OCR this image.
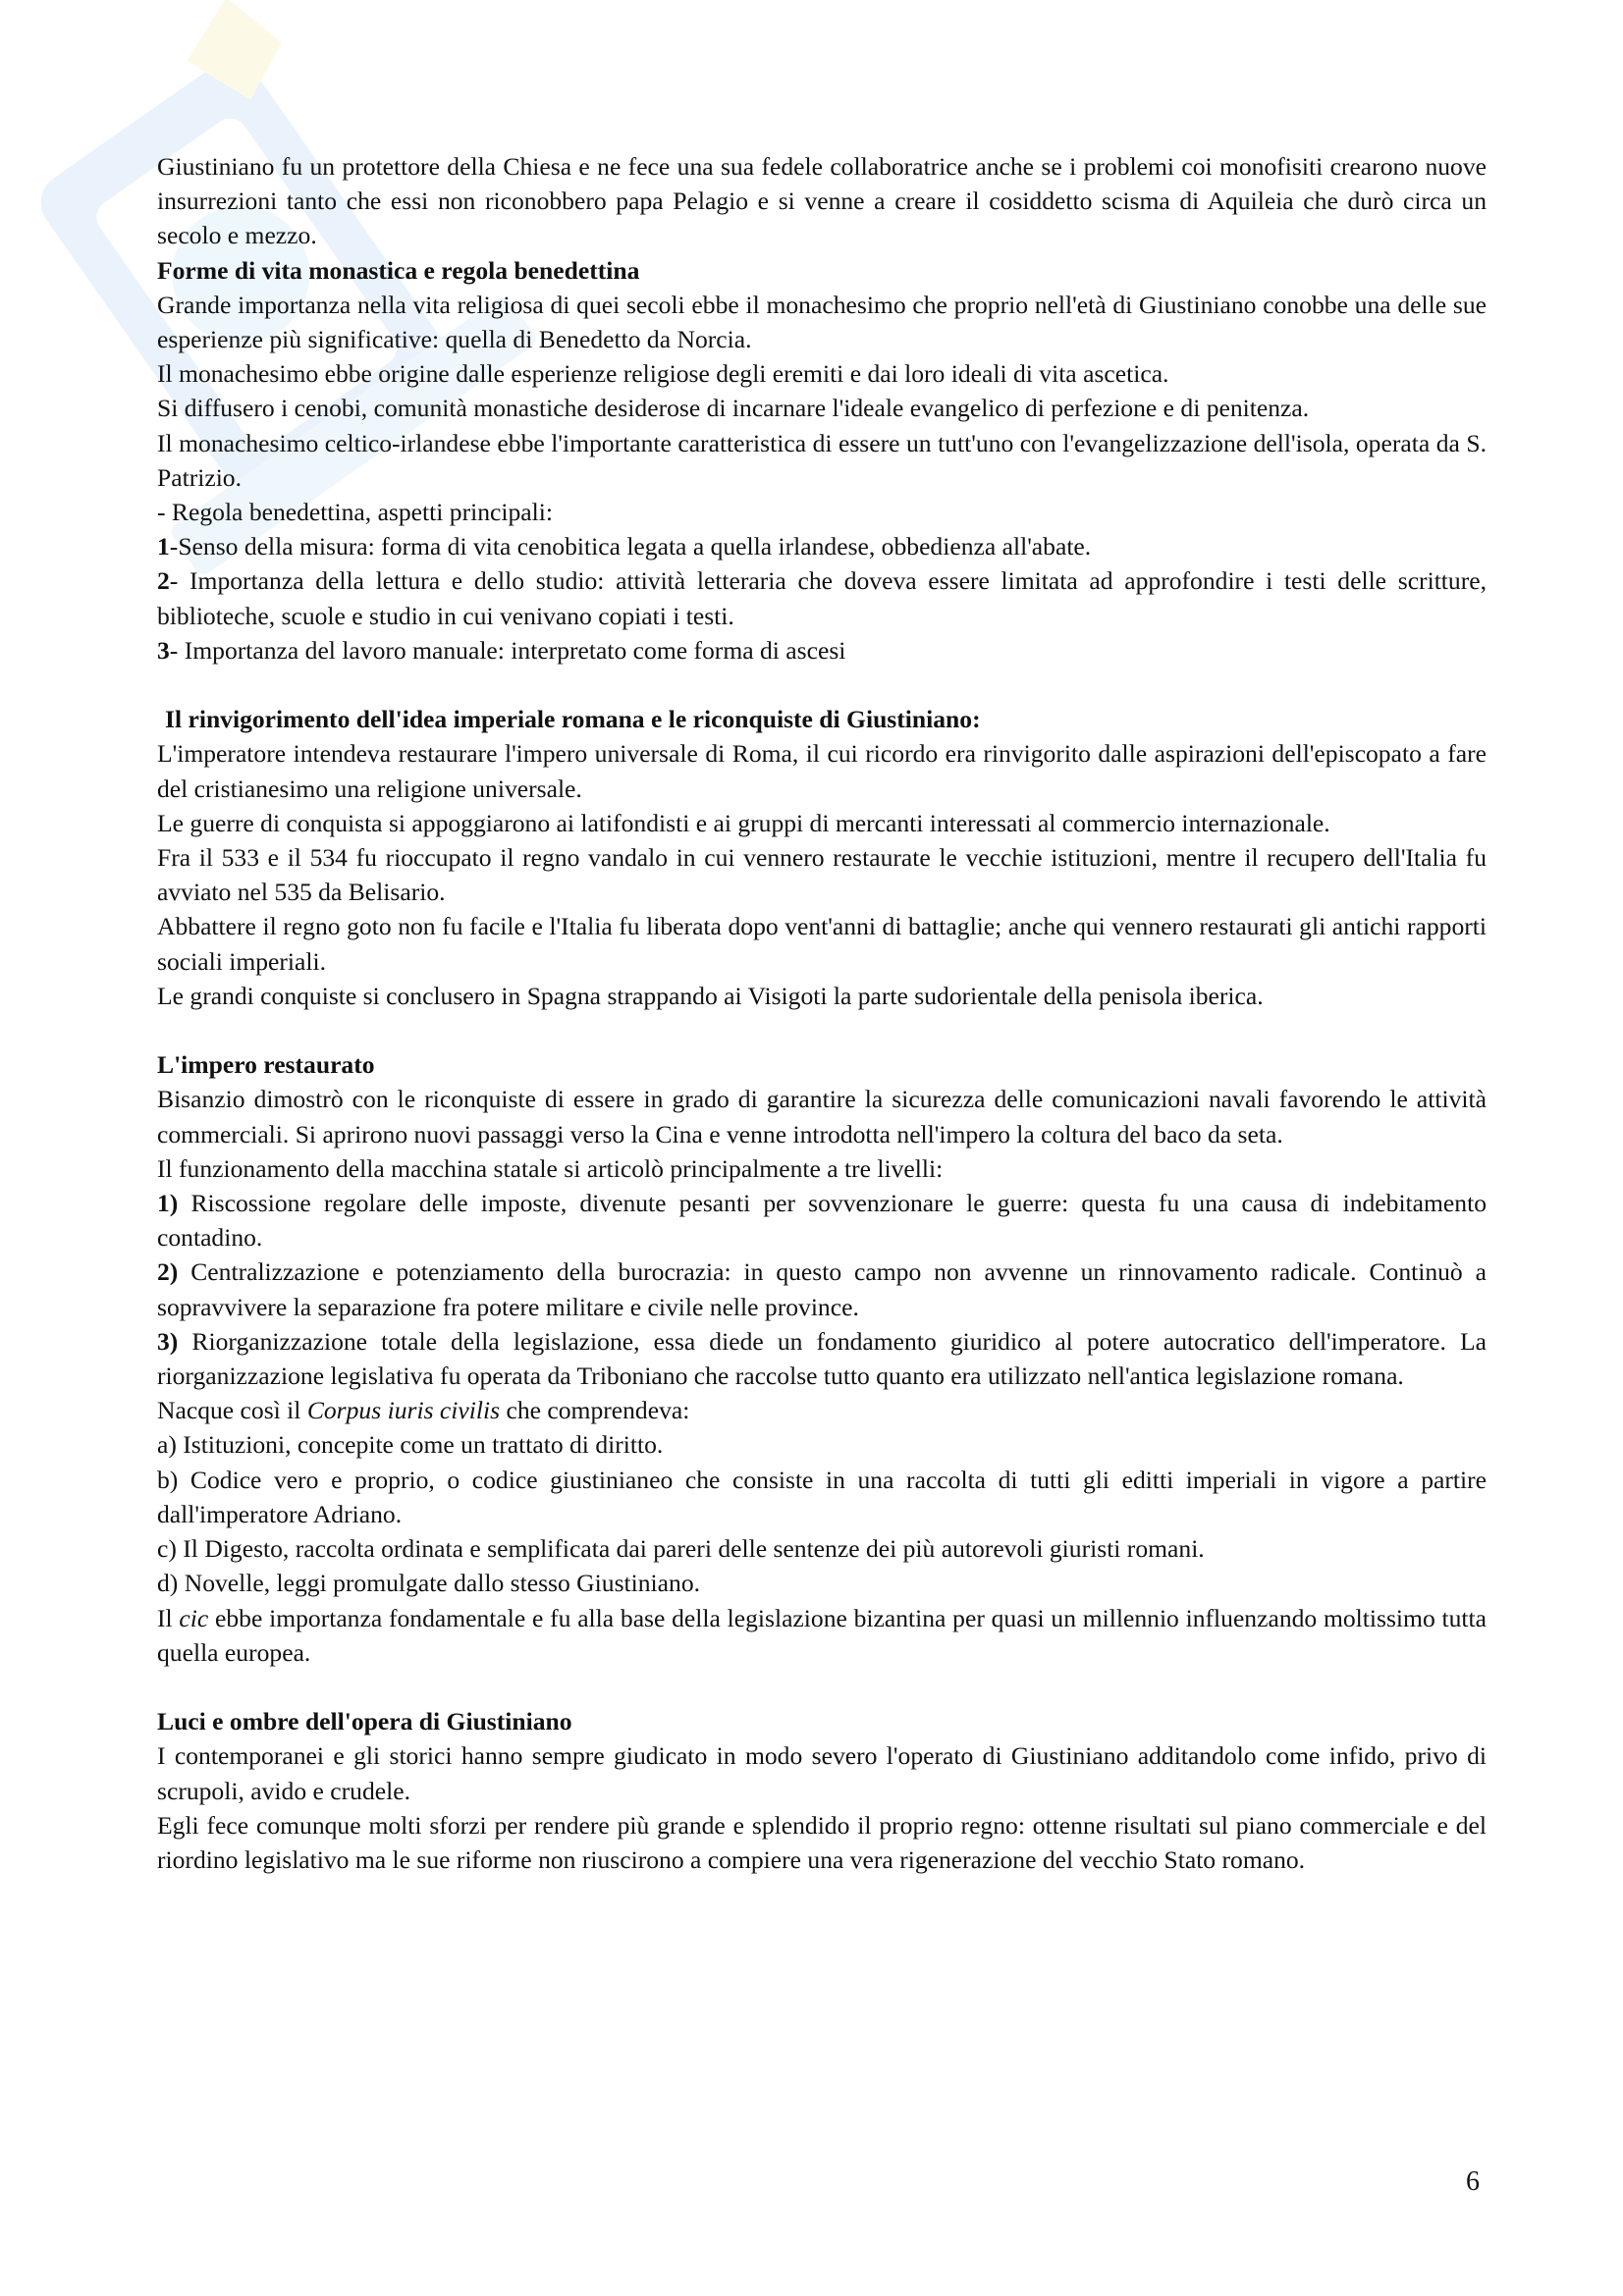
Giustiniano fu un protettore della Chiesa e ne fece una sua fedele collaboratrice anche se i problemi coi monofisiti crearono nuove insurrezioni tanto che essi non riconobbero papa Pelagio e si venne a creare il cosiddetto scisma di Aquileia che durò circa un secolo e mezzo.

Forme di vita monastica e regola benedettina

Grande importanza nella vita religiosa di quei secoli ebbe il monachesimo che proprio nell'età di Giustiniano conobbe una delle sue esperienze più significative: quella di Benedetto da Norcia.

Il monachesimo ebbe origine dalle esperienze religiose degli eremiti e dai loro ideali di vita ascetica.

Si diffusero i cenobi, comunità monastiche desiderose di incarnare l'ideale evangelico di perfezione e di penitenza.

Il monachesimo celtico-irlandese ebbe l'importante caratteristica di essere un tutt'uno con l'evangelizzazione dell'isola, operata da S. Patrizio.

- Regola benedettina, aspetti principali:

1-Senso della misura: forma di vita cenobitica legata a quella irlandese, obbedienza all'abate.

2- Importanza della lettura e dello studio: attività letteraria che doveva essere limitata ad approfondire i testi delle scritture, biblioteche, scuole e studio in cui venivano copiati i testi.

3- Importanza del lavoro manuale: interpretato come forma di ascesi

Il rinvigorimento dell'idea imperiale romana e le riconquiste di Giustiniano:

L'imperatore intendeva restaurare l'impero universale di Roma, il cui ricordo era rinvigorito dalle aspirazioni dell'episcopato a fare del cristianesimo una religione universale.

Le guerre di conquista si appoggiarono ai latifondisti e ai gruppi di mercanti interessati al commercio internazionale.

Fra il 533 e il 534 fu rioccupato il regno vandalo in cui vennero restaurate le vecchie istituzioni, mentre il recupero dell'Italia fu avviato nel 535 da Belisario.

Abbattere il regno goto non fu facile e l'Italia fu liberata dopo vent'anni di battaglie; anche qui vennero restaurati gli antichi rapporti sociali imperiali.

Le grandi conquiste si conclusero in Spagna strappando ai Visigoti la parte sudorientale della penisola iberica.

L'impero restaurato

Bisanzio dimostrò con le riconquiste di essere in grado di garantire la sicurezza delle comunicazioni navali favorendo le attività commerciali. Si aprirono nuovi passaggi verso la Cina e venne introdotta nell'impero la coltura del baco da seta.

Il funzionamento della macchina statale si articolò principalmente a tre livelli:

1) Riscossione regolare delle imposte, divenute pesanti per sovvenzionare le guerre: questa fu una causa di indebitamento contadino.

2) Centralizzazione e potenziamento della burocrazia: in questo campo non avvenne un rinnovamento radicale. Continuò a sopravvivere la separazione fra potere militare e civile nelle province.

3) Riorganizzazione totale della legislazione, essa diede un fondamento giuridico al potere autocratico dell'imperatore. La riorganizzazione legislativa fu operata da Triboniano che raccolse tutto quanto era utilizzato nell'antica legislazione romana.

Nacque così il Corpus iuris civilis che comprendeva:

a) Istituzioni, concepite come un trattato di diritto.

b) Codice vero e proprio, o codice giustinianeo che consiste in una raccolta di tutti gli editti imperiali in vigore a partire dall'imperatore Adriano.

c) Il Digesto, raccolta ordinata e semplificata dai pareri delle sentenze dei più autorevoli giuristi romani.

d) Novelle, leggi promulgate dallo stesso Giustiniano.

Il cic ebbe importanza fondamentale e fu alla base della legislazione bizantina per quasi un millennio influenzando moltissimo tutta quella europea.

Luci e ombre dell'opera di Giustiniano

I contemporanei e gli storici hanno sempre giudicato in modo severo l'operato di Giustiniano additandolo come infido, privo di scrupoli, avido e crudele.

Egli fece comunque molti sforzi per rendere più grande e splendido il proprio regno: ottenne risultati sul piano commerciale e del riordino legislativo ma le sue riforme non riuscirono a compiere una vera rigenerazione del vecchio Stato romano.

6
